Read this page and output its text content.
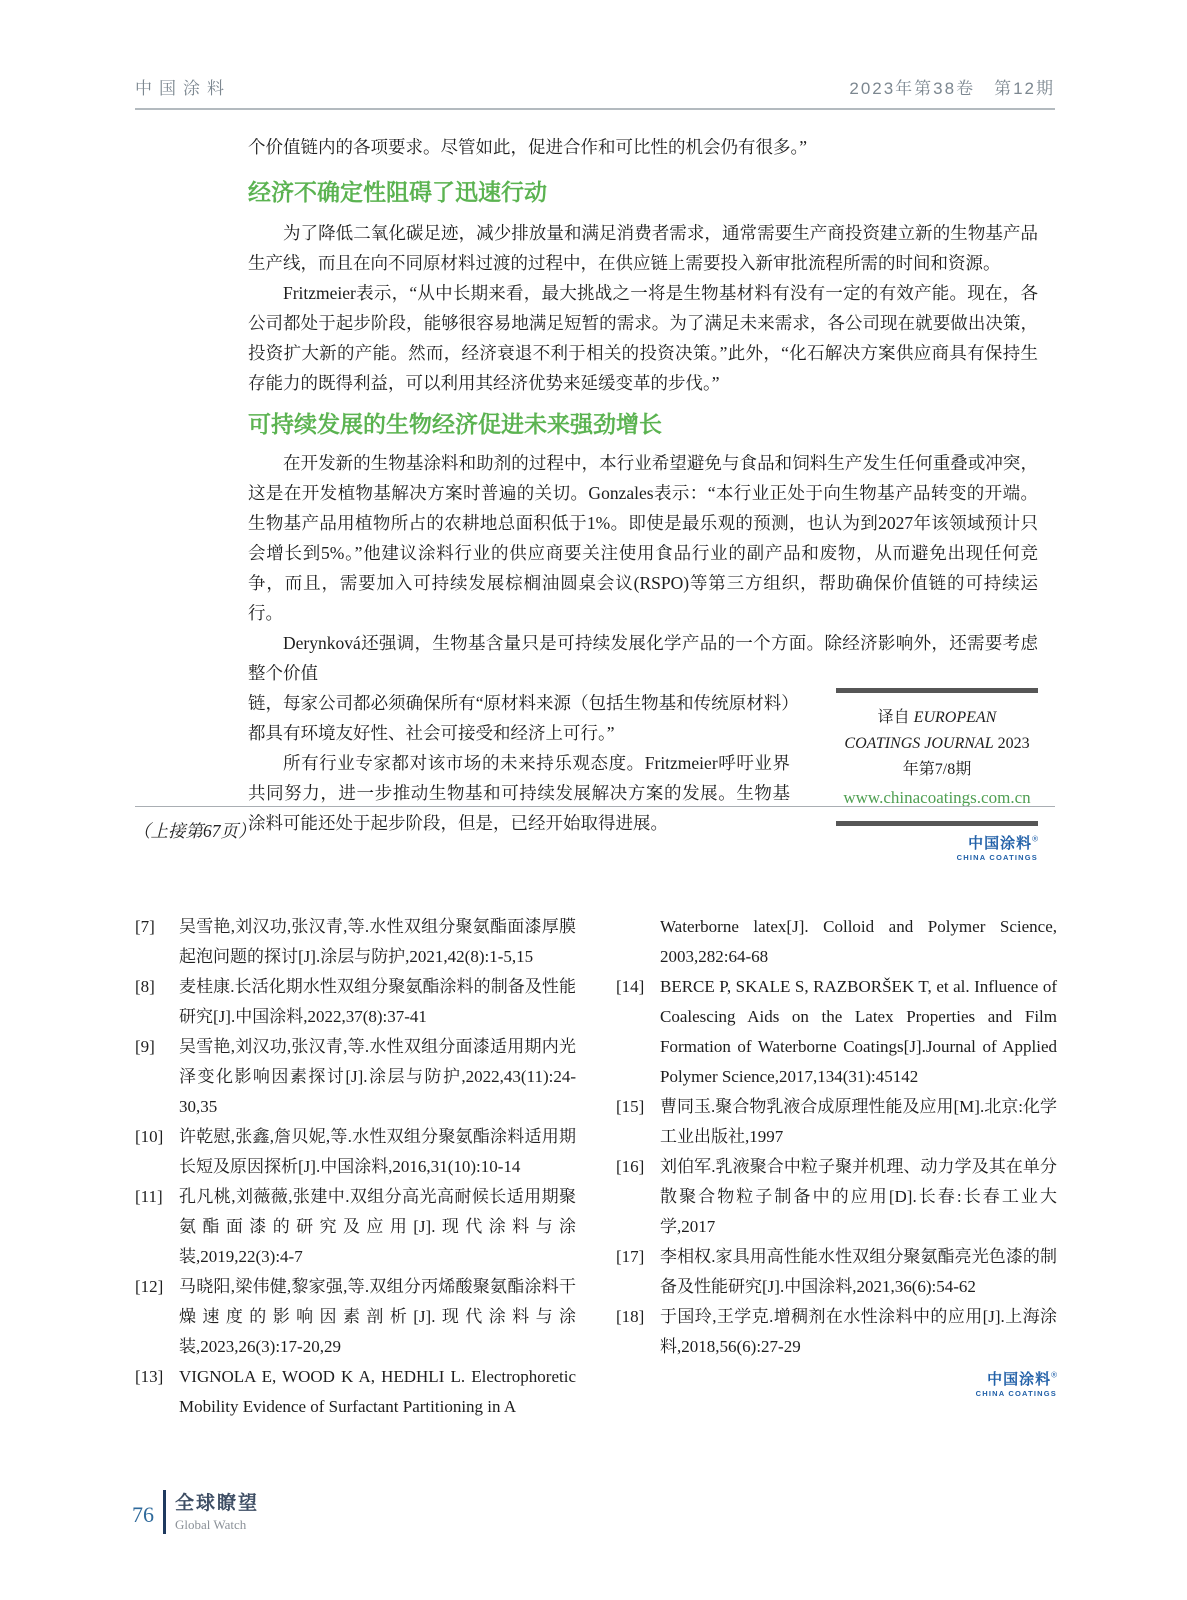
中国涂料	2023年第38卷　第12期

个价值链内的各项要求。尽管如此，促进合作和可比性的机会仍有很多。”

经济不确定性阻碍了迅速行动

为了降低二氧化碳足迹，减少排放量和满足消费者需求，通常需要生产商投资建立新的生物基产品生产线，而且在向不同原材料过渡的过程中，在供应链上需要投入新审批流程所需的时间和资源。

Fritzmeier表示，“从中长期来看，最大挑战之一将是生物基材料有没有一定的有效产能。现在，各公司都处于起步阶段，能够很容易地满足短暂的需求。为了满足未来需求，各公司现在就要做出决策，投资扩大新的产能。然而，经济衰退不利于相关的投资决策。”此外，“化石解决方案供应商具有保持生存能力的既得利益，可以利用其经济优势来延缓变革的步伐。”

可持续发展的生物经济促进未来强劲增长

在开发新的生物基涂料和助剂的过程中，本行业希望避免与食品和饲料生产发生任何重叠或冲突，这是在开发植物基解决方案时普遍的关切。Gonzales表示：“本行业正处于向生物基产品转变的开端。生物基产品用植物所占的农耕地总面积低于1%。即使是最乐观的预测，也认为到2027年该领域预计只会增长到5%。”他建议涂料行业的供应商要关注使用食品行业的副产品和废物，从而避免出现任何竞争，而且，需要加入可持续发展棕榈油圆桌会议(RSPO)等第三方组织，帮助确保价值链的可持续运行。

Derynková还强调，生物基含量只是可持续发展化学产品的一个方面。除经济影响外，还需要考虑整个价值

译自 EUROPEAN COATINGS JOURNAL 2023年第7/8期
www.chinacoatings.com.cn
中国涂料®
CHINA COATINGS

链，每家公司都必须确保所有“原材料来源（包括生物基和传统原材料）都具有环境友好性、社会可接受和经济上可行。”

所有行业专家都对该市场的未来持乐观态度。Fritzmeier呼吁业界共同努力，进一步推动生物基和可持续发展解决方案的发展。生物基涂料可能还处于起步阶段，但是，已经开始取得进展。

（上接第67页）
[7]	吴雪艳,刘汉功,张汉青,等.水性双组分聚氨酯面漆厚膜起泡问题的探讨[J].涂层与防护,2021,42(8):1-5,15
[8]	麦桂康.长活化期水性双组分聚氨酯涂料的制备及性能研究[J].中国涂料,2022,37(8):37-41
[9]	吴雪艳,刘汉功,张汉青,等.水性双组分面漆适用期内光泽变化影响因素探讨[J].涂层与防护,2022,43(11):24-30,35
[10] 许乾慰,张鑫,詹贝妮,等.水性双组分聚氨酯涂料适用期长短及原因探析[J].中国涂料,2016,31(10):10-14
[11] 孔凡桃,刘薇薇,张建中.双组分高光高耐候长适用期聚氨酯面漆的研究及应用[J].现代涂料与涂装,2019,22(3):4-7
[12] 马晓阳,梁伟健,黎家强,等.双组分丙烯酸聚氨酯涂料干燥速度的影响因素剖析[J].现代涂料与涂装,2023,26(3):17-20,29
[13] VIGNOLA E, WOOD K A, HEDHLI L. Electrophoretic Mobility Evidence of Surfactant Partitioning in A
Waterborne latex[J]. Colloid and Polymer Science, 2003,282:64-68
[14] BERCE P, SKALE S, RAZBORŠEK T, et al. Influence of Coalescing Aids on the Latex Properties and Film Formation of Waterborne Coatings[J].Journal of Applied Polymer Science,2017,134(31):45142
[15] 曹同玉.聚合物乳液合成原理性能及应用[M].北京:化学工业出版社,1997
[16] 刘伯军.乳液聚合中粒子聚并机理、动力学及其在单分散聚合物粒子制备中的应用[D].长春:长春工业大学,2017
[17] 李相权.家具用高性能水性双组分聚氨酯亮光色漆的制备及性能研究[J].中国涂料,2021,36(6):54-62
[18] 于国玲,王学克.增稠剂在水性涂料中的应用[J].上海涂料,2018,56(6):27-29
中国涂料®
CHINA COATINGS
76 全球瞭望
Global Watch
